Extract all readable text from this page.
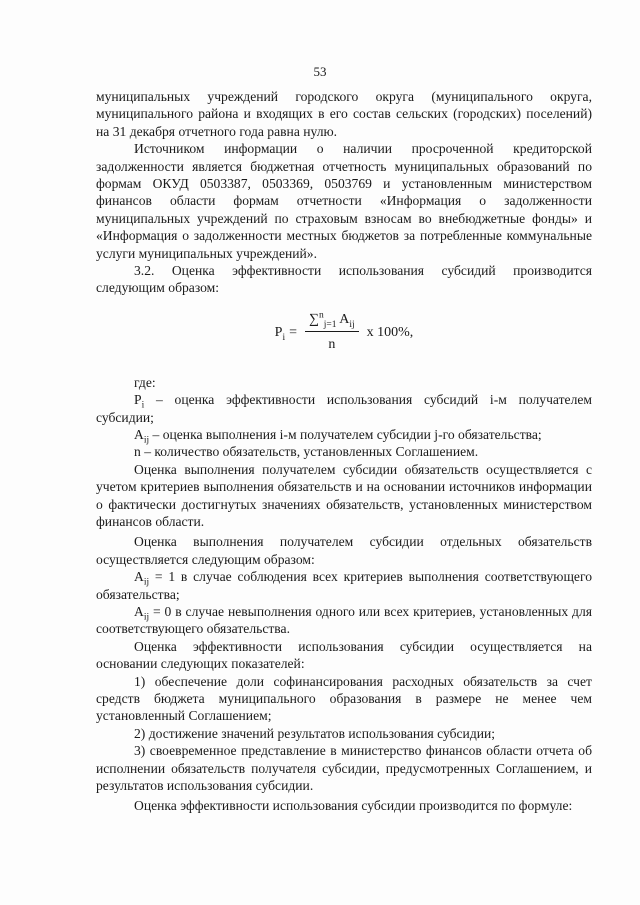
53

муниципальных учреждений городского округа (муниципального округа, муниципального района и входящих в его состав сельских (городских) поселений) на 31 декабря отчетного года равна нулю.

Источником информации о наличии просроченной кредиторской задолженности является бюджетная отчетность муниципальных образований по формам ОКУД 0503387, 0503369, 0503769 и установленным министерством финансов области формам отчетности «Информация о задолженности муниципальных учреждений по страховым взносам во внебюджетные фонды» и «Информация о задолженности местных бюджетов за потребленные коммунальные услуги муниципальных учреждений».

3.2. Оценка эффективности использования субсидий производится следующим образом:

$P_i = \frac{\sum^n_{j=1} A_{ij}}{n}$ x 100%,

где:

$P_i$ – оценка эффективности использования субсидий i-м получателем субсидии;

$A_{ij}$ – оценка выполнения i-м получателем субсидии j-го обязательства;

n – количество обязательств, установленных Соглашением.

Оценка выполнения получателем субсидии обязательств осуществляется с учетом критериев выполнения обязательств и на основании источников информации о фактически достигнутых значениях обязательств, установленных министерством финансов области.

Оценка выполнения получателем субсидии отдельных обязательств осуществляется следующим образом:

$A_{ij} = 1$ в случае соблюдения всех критериев выполнения соответствующего обязательства;

$A_{ij} = 0$ в случае невыполнения одного или всех критериев, установленных для соответствующего обязательства.

Оценка эффективности использования субсидии осуществляется на основании следующих показателей:

1) обеспечение доли софинансирования расходных обязательств за счет средств бюджета муниципального образования в размере не менее чем установленный Соглашением;

2) достижение значений результатов использования субсидии;

3) своевременное представление в министерство финансов области отчета об исполнении обязательств получателя субсидии, предусмотренных Соглашением, и результатов использования субсидии.

Оценка эффективности использования субсидии производится по формуле:
